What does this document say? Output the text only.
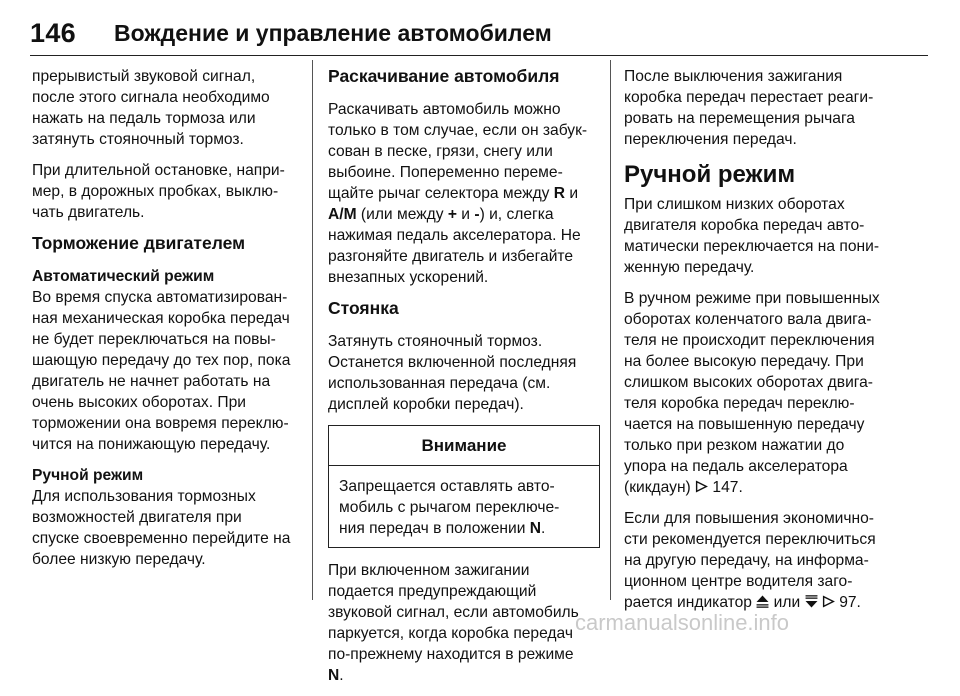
146 Вождение и управление автомобилем
прерывистый звуковой сигнал,
после этого сигнала необходимо
нажать на педаль тормоза или
затянуть стояночный тормоз.

При длительной остановке, напри-
мер, в дорожных пробках, выклю-
чать двигатель.

Торможение двигателем

Автоматический режим
Во время спуска автоматизирован-
ная механическая коробка передач
не будет переключаться на повы-
шающую передачу до тех пор, пока
двигатель не начнет работать на
очень высоких оборотах. При
торможении она вовремя переклю-
чится на понижающую передачу.

Ручной режим
Для использования тормозных
возможностей двигателя при
спуске своевременно перейдите на
более низкую передачу.

Раскачивание автомобиля

Раскачивать автомобиль можно
только в том случае, если он забук-
сован в песке, грязи, снегу или
выбоине. Попеременно переме-
щайте рычаг селектора между R и
A/M (или между + и -) и, слегка
нажимая педаль акселератора. Не
разгоняйте двигатель и избегайте
внезапных ускорений.

Стоянка

Затянуть стояночный тормоз.
Останется включенной последняя
использованная передача (см.
дисплей коробки передач).

Внимание
Запрещается оставлять авто-
мобиль с рычагом переключе-
ния передач в положении N.

При включенном зажигании
подается предупреждающий
звуковой сигнал, если автомобиль
паркуется, когда коробка передач
по-прежнему находится в режиме
N.

После выключения зажигания
коробка передач перестает реаги-
ровать на перемещения рычага
переключения передач.

Ручной режим

При слишком низких оборотах
двигателя коробка передач авто-
матически переключается на пони-
женную передачу.

В ручном режиме при повышенных
оборотах коленчатого вала двига-
теля не происходит переключения
на более высокую передачу. При
слишком высоких оборотах двига-
теля коробка передач переклю-
чается на повышенную передачу
только при резком нажатии до
упора на педаль акселератора
(кикдаун)  147.

Если для повышения экономично-
сти рекомендуется переключиться
на другую передачу, на информа-
ционном центре водителя заго-
рается индикатор  или   97.

carmanualsonline.info
